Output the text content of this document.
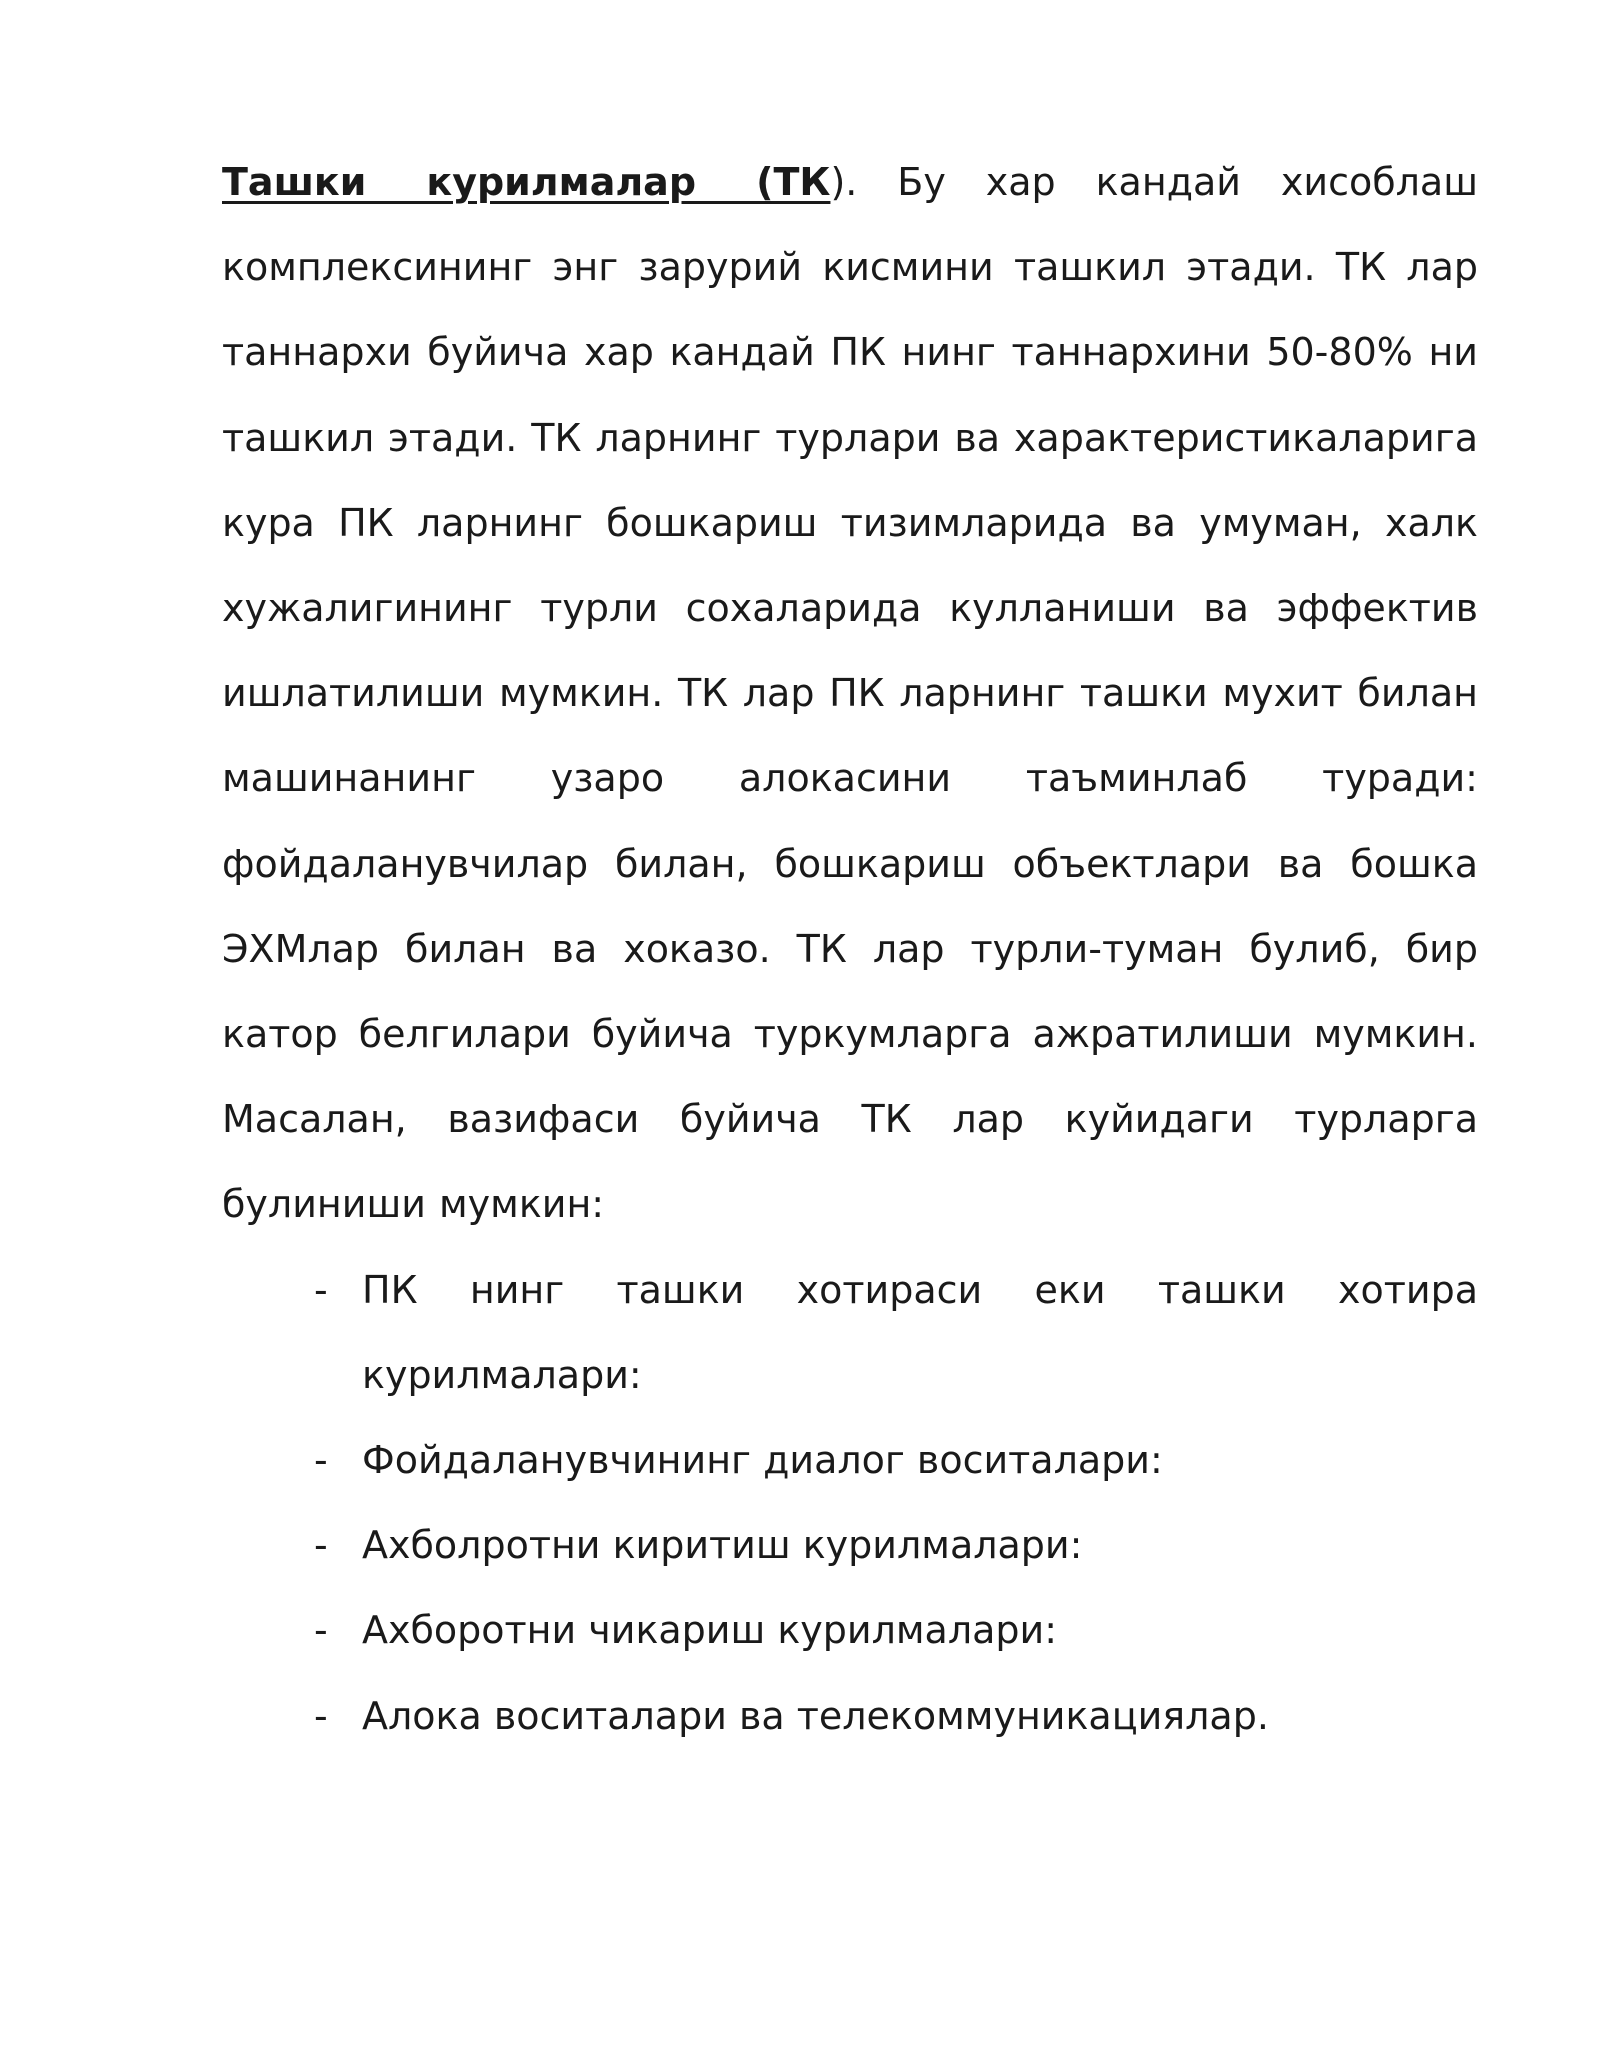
Ташки курилмалар (ТК). Бу хар кандай хисоблаш комплексининг энг зарурий кисмини ташкил этади. ТК лар таннархи буйича хар кандай ПК нинг таннархини 50-80% ни ташкил этади. ТК ларнинг турлари ва характеристикаларига кура ПК ларнинг бошкариш тизимларида ва умуман, халк хужалигининг турли сохаларида кулланиши ва эффектив ишлатилиши мумкин. ТК лар ПК ларнинг ташки мухит билан машинанинг узаро алокасини таъминлаб туради: фойдаланувчилар билан, бошкариш объектлари ва бошка ЭХМлар билан ва хоказо. ТК лар турли-туман булиб, бир катор белгилари буйича туркумларга ажратилиши мумкин. Масалан, вазифаси буйича ТК лар куйидаги турларга булиниши мумкин:

- ПК нинг ташки хотираси еки ташки хотира курилмалари:
- Фойдаланувчининг диалог воситалари:
- Ахболротни киритиш курилмалари:
- Ахборотни чикариш курилмалари:
- Алока воситалари ва телекоммуникациялар.
